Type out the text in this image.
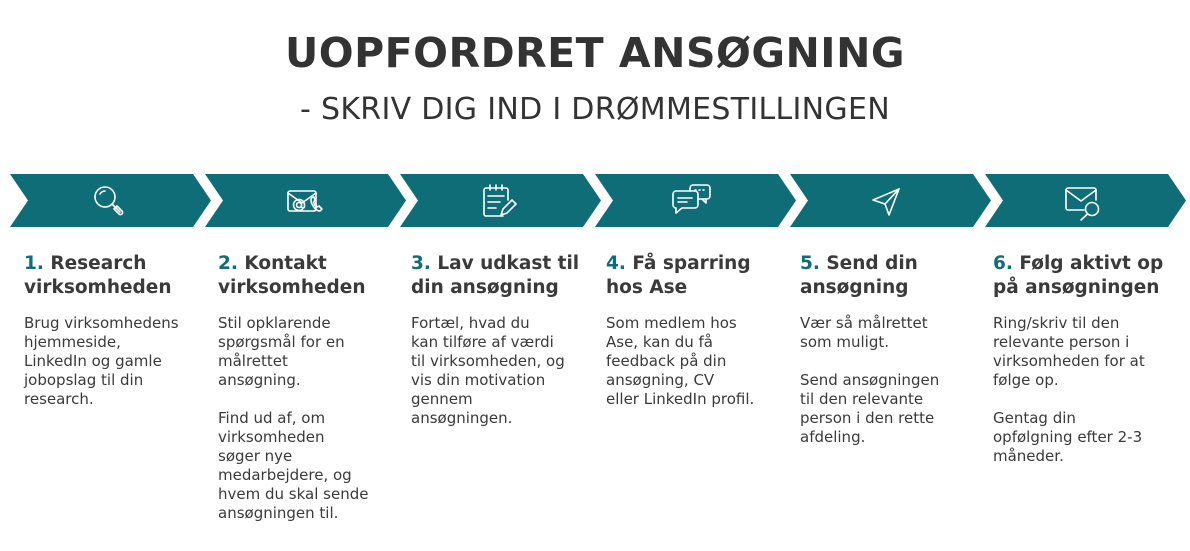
UOPFORDRET ANSØGNING
- SKRIV DIG IND I DRØMMESTILLINGEN
1. Research
virksomheden
Brug virksomhedens
hjemmeside,
LinkedIn og gamle
jobopslag til din
research.
2. Kontakt
virksomheden
Stil opklarende
spørgsmål for en
målrettet
ansøgning.
Find ud af, om
virksomheden
søger nye
medarbejdere, og
hvem du skal sende
ansøgningen til.
3. Lav udkast til
din ansøgning
Fortæl, hvad du
kan tilføre af værdi
til virksomheden, og
vis din motivation
gennem
ansøgningen.
4. Få sparring
hos Ase
Som medlem hos
Ase, kan du få
feedback på din
ansøgning, CV
eller LinkedIn profil.
5. Send din
ansøgning
Vær så målrettet
som muligt.
Send ansøgningen
til den relevante
person i den rette
afdeling.
6. Følg aktivt op
på ansøgningen
Ring/skriv til den
relevante person i
virksomheden for at
følge op.
Gentag din
opfølgning efter 2-3
måneder.
